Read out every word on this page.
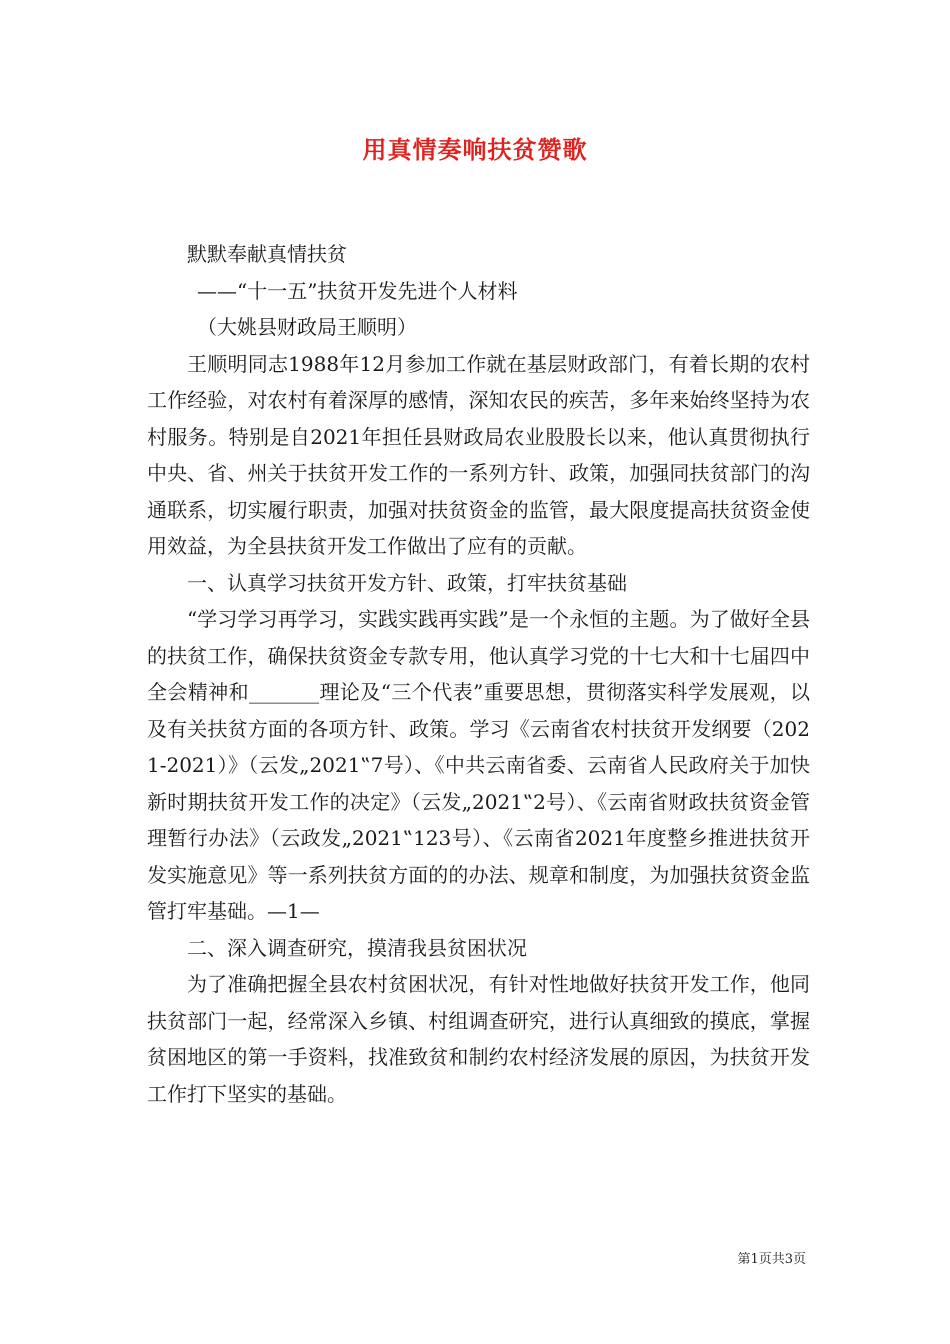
用真情奏响扶贫赞歌

默默奉献真情扶贫

——“十一五”扶贫开发先进个人材料

（大姚县财政局王顺明）

王顺明同志1988年12月参加工作就在基层财政部门，有着长期的农村工作经验，对农村有着深厚的感情，深知农民的疾苦，多年来始终坚持为农村服务。特别是自2021年担任县财政局农业股股长以来，他认真贯彻执行中央、省、州关于扶贫开发工作的一系列方针、政策，加强同扶贫部门的沟通联系，切实履行职责，加强对扶贫资金的监管，最大限度提高扶贫资金使用效益，为全县扶贫开发工作做出了应有的贡献。

一、认真学习扶贫开发方针、政策，打牢扶贫基础

“学习学习再学习，实践实践再实践”是一个永恒的主题。为了做好全县的扶贫工作，确保扶贫资金专款专用，他认真学习党的十七大和十七届四中全会精神和_______理论及“三个代表”重要思想，贯彻落实科学发展观，以及有关扶贫方面的各项方针、政策。学习《云南省农村扶贫开发纲要（2021-2021）》（云发„2021‟7号）、《中共云南省委、云南省人民政府关于加快新时期扶贫开发工作的决定》（云发„2021‟2号）、《云南省财政扶贫资金管理暂行办法》（云政发„2021‟123号）、《云南省2021年度整乡推进扶贫开发实施意见》等一系列扶贫方面的的办法、规章和制度，为加强扶贫资金监管打牢基础。—1—

二、深入调查研究，摸清我县贫困状况

为了准确把握全县农村贫困状况，有针对性地做好扶贫开发工作，他同扶贫部门一起，经常深入乡镇、村组调查研究，进行认真细致的摸底，掌握贫困地区的第一手资料，找准致贫和制约农村经济发展的原因，为扶贫开发工作打下坚实的基础。

第1页共3页
